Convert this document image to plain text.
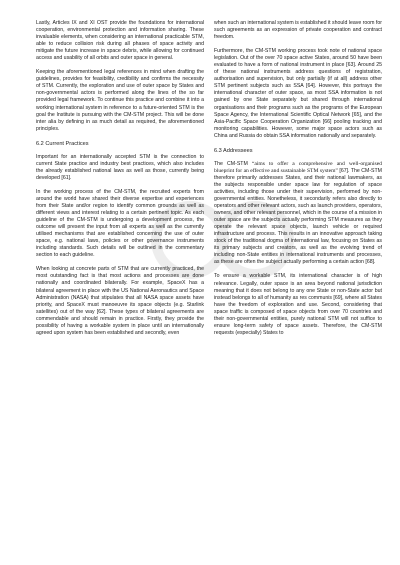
Lastly, Articles IX and XI OST provide the foundations for international cooperation, environmental protection and information sharing. These invaluable elements, when considering an international practicable STM, able to reduce collision risk during all phases of space activity and mitigate the future increase in space debris, while allowing for continued access and usability of all orbits and outer space in general.

Keeping the aforementioned legal references in mind when drafting the guidelines, provides for feasibility, credibility and confirms the necessity of STM. Currently, the exploration and use of outer space by States and non-governmental actors is performed along the lines of the so far provided legal framework. To continue this practice and combine it into a working international system in reference to a future-oriented STM is the goal the Institute is pursuing with the CM-STM project. This will be done inter alia by defining in as much detail as required, the aforementioned principles.

6.2 Current Practices

Important for an internationally accepted STM is the connection to current State practice and industry best practices, which also includes the already established national laws as well as those, currently being developed [61].

In the working process of the CM-STM, the recruited experts from around the world have shared their diverse expertise and experiences from their State and/or region to identify common grounds as well as different views and interest relating to a certain pertinent topic. As each guideline of the CM-STM is undergoing a development process, the outcome will present the input from all experts as well as the currently utilised mechanisms that are established concerning the use of outer space, e.g. national laws, policies or other governance instruments including standards. Such details will be outlined in the commentary section to each guideline.

When looking at concrete parts of STM that are currently practiced, the most outstanding fact is that most actions and processes are done nationally and coordinated bilaterally. For example, SpaceX has a bilateral agreement in place with the US National Aeronautics and Space Administration (NASA) that stipulates that all NASA space assets have priority, and SpaceX must manoeuvre its space objects (e.g. Starlink satellites) out of the way [62]. These types of bilateral agreements are commendable and should remain in practice. Firstly, they provide the possibility of having a workable system in place until an internationally agreed upon system has been established and secondly, even

when such an international system is established it should leave room for such agreements as an expression of private cooperation and contract freedom.

Furthermore, the CM-STM working process took note of national space legislation. Out of the over 70 space active States, around 50 have been evaluated to have a form of national instrument in place [63]. Around 25 of these national instruments address questions of registration, authorisation and supervision, but only partially (if at all) address other STM pertinent subjects such as SSA [64]. However, this portrays the international character of outer space, as most SSA information is not gained by one State separately but shared through international organisations and their programs such as the programs of the European Space Agency, the International Scientific Optical Network [65], and the Asia-Pacific Space Cooperation Organization [66] pooling tracking and monitoring capabilities. However, some major space actors such as China and Russia do obtain SSA information nationally and separately.

6.3 Addressees

The CM-STM “aims to offer a comprehensive and well-organised blueprint for an effective and sustainable STM system” [67]. The CM-STM therefore primarily addresses States, and their national lawmakers, as the subjects responsible under space law for regulation of space activities, including those under their supervision, performed by non-governmental entities. Nonetheless, it secondarily refers also directly to operators and other relevant actors, such as launch providers, operators, owners, and other relevant personnel, which in the course of a mission in outer space are the subjects actually performing STM measures as they operate the relevant space objects, launch vehicle or required infrastructure and process. This results in an innovative approach taking stock of the traditional dogma of international law, focusing on States as its primary subjects and creators, as well as the evolving trend of including non-State entities in international instruments and processes, as these are often the subject actually performing a certain action [68].

To ensure a workable STM, its international character is of high relevance. Legally, outer space is an area beyond national jurisdiction meaning that it does not belong to any one State or non-State actor but instead belongs to all of humanity as res communis [69], where all States have the freedom of exploration and use. Second, considering that space traffic is composed of space objects from over 70 countries and their non-governmental entities, purely national STM will not suffice to ensure long-term safety of space assets. Therefore, the CM-STM requests (especially) States to
